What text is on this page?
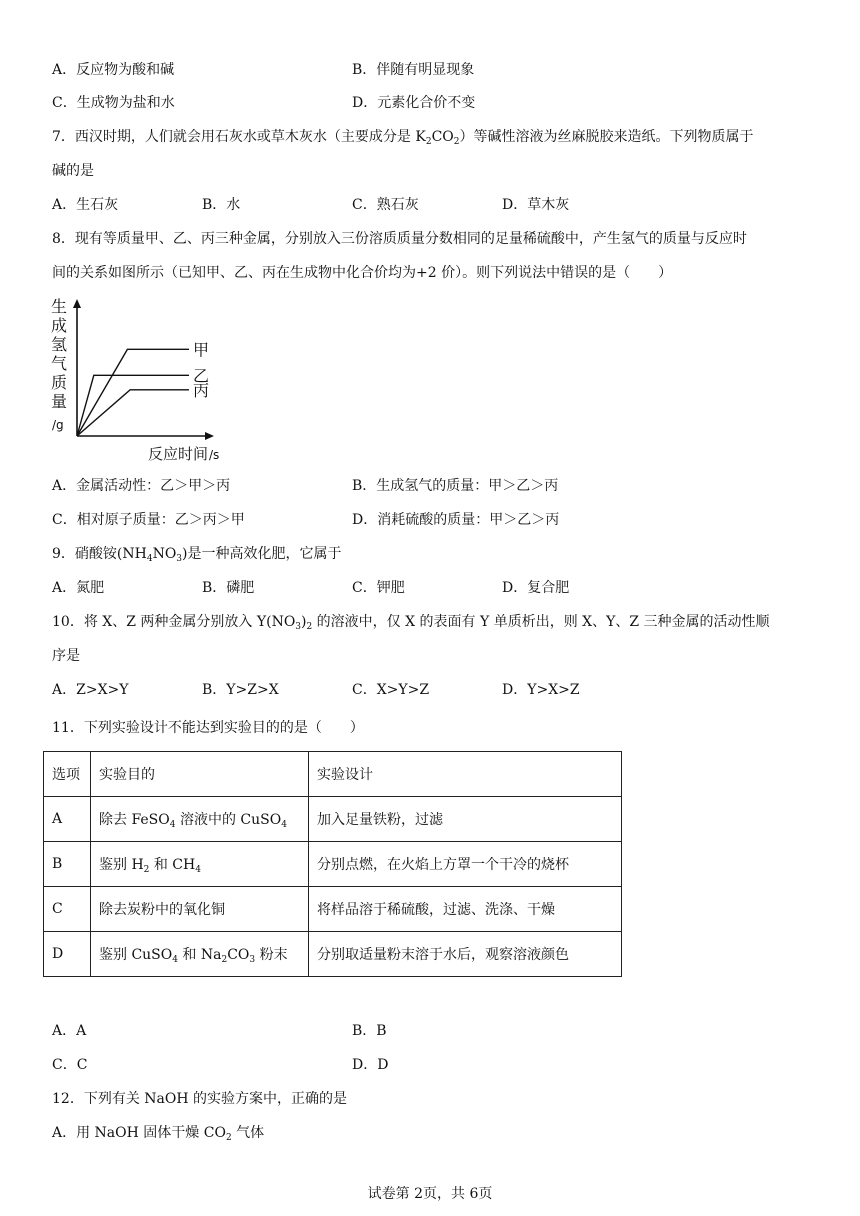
A．反应物为酸和碱	B．伴随有明显现象
C．生成物为盐和水	D．元素化合价不变
7．西汉时期，人们就会用石灰水或草木灰水（主要成分是 $K_2CO_2$）等碱性溶液为丝麻脱胶来造纸。下列物质属于
碱的是
A．生石灰	B．水	C．熟石灰	D．草木灰
8．现有等质量甲、乙、丙三种金属，分别放入三份溶质质量分数相同的足量稀硫酸中，产生氢气的质量与反应时
间的关系如图所示（已知甲、乙、丙在生成物中化合价均为+2 价）。则下列说法中错误的是（　　）
生
成
氢
气
质
量
/g
甲
乙
丙
反应时间 /s
A．金属活动性：乙＞甲＞丙	B．生成氢气的质量：甲＞乙＞丙
C．相对原子质量：乙＞丙＞甲	D．消耗硫酸的质量：甲＞乙＞丙
9．硝酸铵$(NH_4NO_3)$是一种高效化肥，它属于
A．氮肥	B．磷肥	C．钾肥	D．复合肥
10．将 X、Z 两种金属分别放入 $Y(NO_3)_2$ 的溶液中，仅 X 的表面有 Y 单质析出，则 X、Y、Z 三种金属的活动性顺
序是
A．Z>X>Y	B．Y>Z>X	C．X>Y>Z	D．Y>X>Z
11．下列实验设计不能达到实验目的的是（　　）
选项	实验目的	实验设计
A	除去 FeSO$_4$ 溶液中的 CuSO$_4$	加入足量铁粉，过滤
B	鉴别 $H_2$ 和 $CH_4$	分别点燃，在火焰上方罩一个干冷的烧杯
C	除去炭粉中的氧化铜	将样品溶于稀硫酸，过滤、洗涤、干燥
D	鉴别 CuSO$_4$ 和 $Na_2CO_3$ 粉末	分别取适量粉末溶于水后，观察溶液颜色
A．A	B．B
C．C	D．D
12．下列有关 NaOH 的实验方案中，正确的是
A．用 NaOH 固体干燥 $CO_2$ 气体
试卷第 2页，共 6页
